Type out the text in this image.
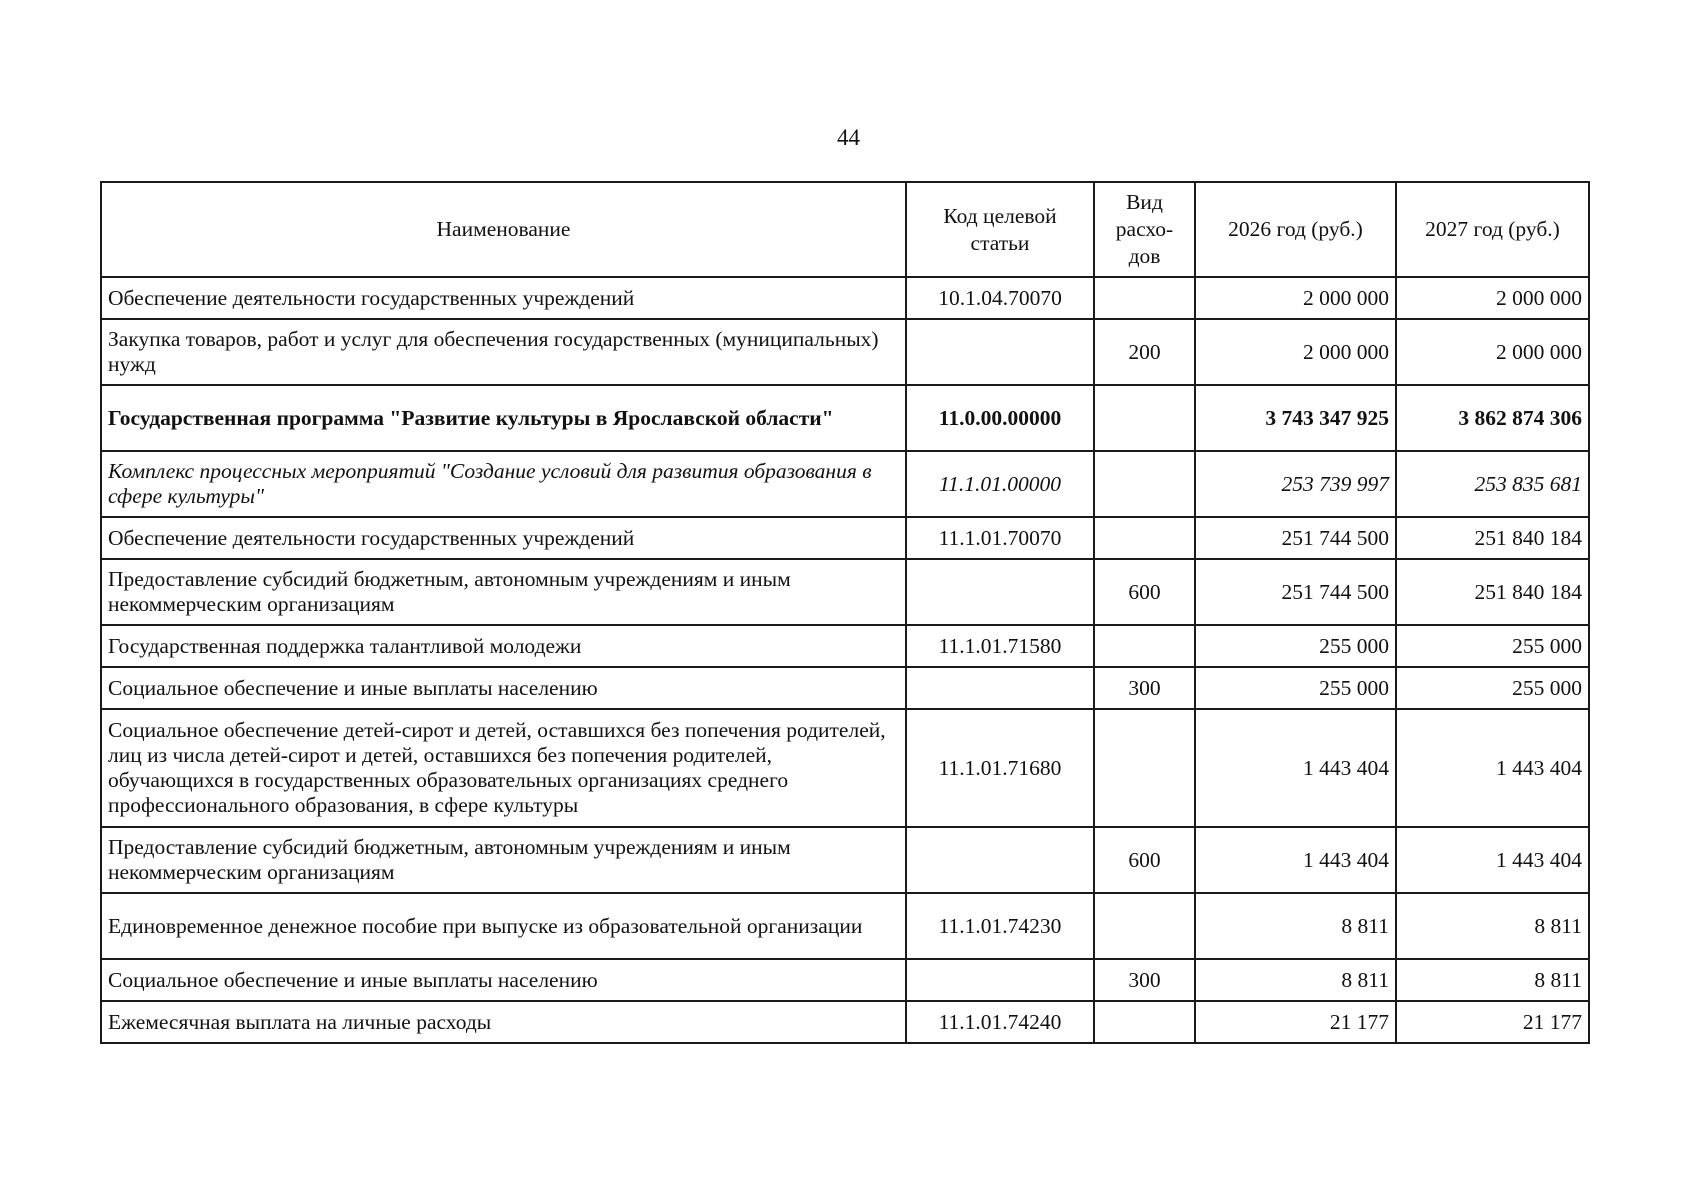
44
Наименование	Код целевой статьи	Вид расхо-дов	2026 год (руб.)	2027 год (руб.)
Обеспечение деятельности государственных учреждений	10.1.04.70070		2 000 000	2 000 000
Закупка товаров, работ и услуг для обеспечения государственных (муниципальных) нужд		200	2 000 000	2 000 000
Государственная программа "Развитие культуры в Ярославской области"	11.0.00.00000		3 743 347 925	3 862 874 306
Комплекс процессных мероприятий "Создание условий для развития образования в сфере культуры"	11.1.01.00000		253 739 997	253 835 681
Обеспечение деятельности государственных учреждений	11.1.01.70070		251 744 500	251 840 184
Предоставление субсидий бюджетным, автономным учреждениям и иным некоммерческим организациям		600	251 744 500	251 840 184
Государственная поддержка талантливой молодежи	11.1.01.71580		255 000	255 000
Социальное обеспечение и иные выплаты населению		300	255 000	255 000
Социальное обеспечение детей-сирот и детей, оставшихся без попечения родителей, лиц из числа детей-сирот и детей, оставшихся без попечения родителей, обучающихся в государственных образовательных организациях среднего профессионального образования, в сфере культуры	11.1.01.71680		1 443 404	1 443 404
Предоставление субсидий бюджетным, автономным учреждениям и иным некоммерческим организациям		600	1 443 404	1 443 404
Единовременное денежное пособие при выпуске из образовательной организации	11.1.01.74230		8 811	8 811
Социальное обеспечение и иные выплаты населению		300	8 811	8 811
Ежемесячная выплата на личные расходы	11.1.01.74240		21 177	21 177
